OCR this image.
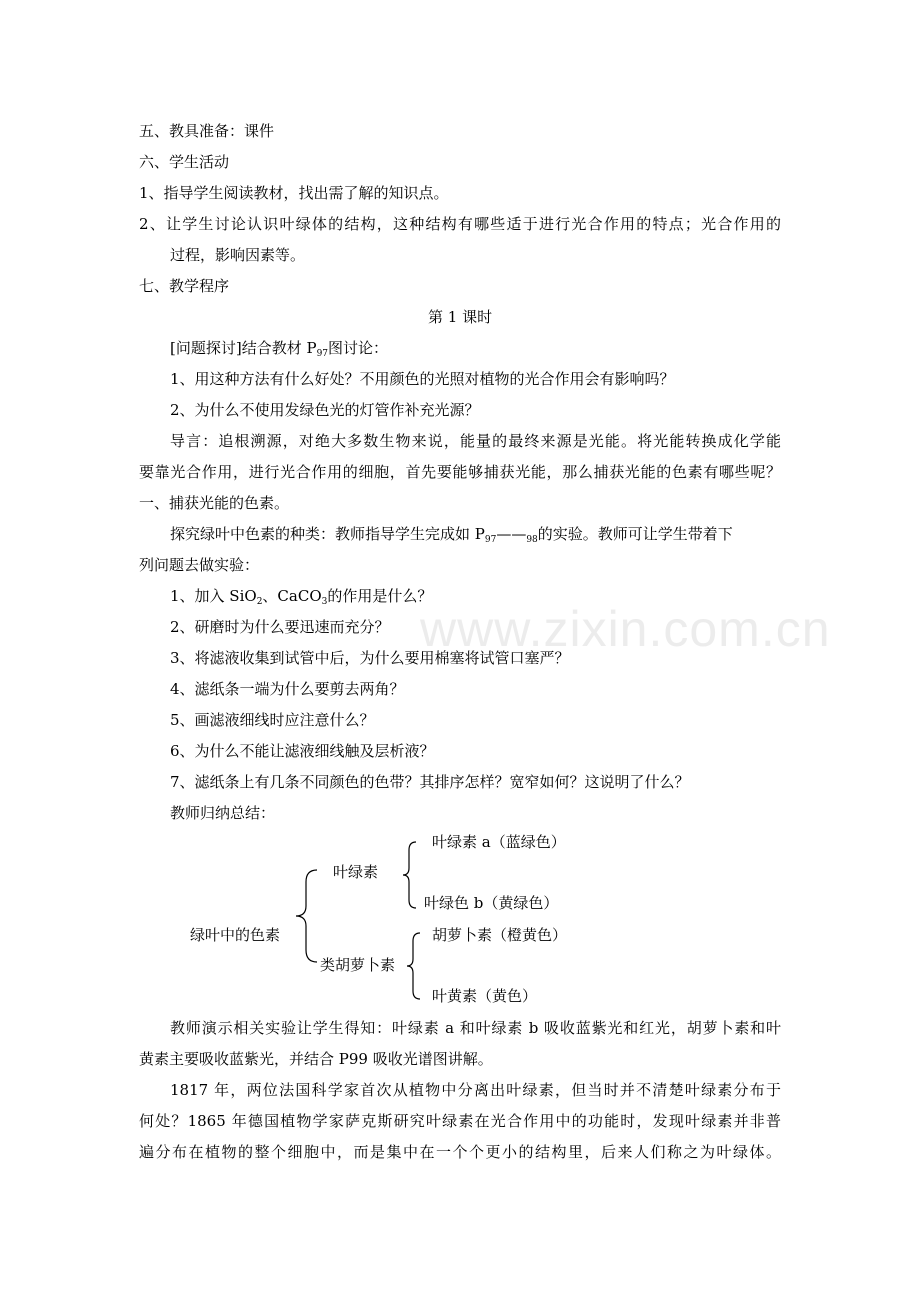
www.zixin.com.cn
五、教具准备：课件
六、学生活动
1、指导学生阅读教材，找出需了解的知识点。
2、让学生讨论认识叶绿体的结构，这种结构有哪些适于进行光合作用的特点；光合作用的
过程，影响因素等。
七、教学程序
第 1 课时
[问题探讨]结合教材 $P_{97}$图讨论：
1、用这种方法有什么好处？不用颜色的光照对植物的光合作用会有影响吗？
2、为什么不使用发绿色光的灯管作补充光源？
导言：追根溯源，对绝大多数生物来说，能量的最终来源是光能。将光能转换成化学能
要靠光合作用，进行光合作用的细胞，首先要能够捕获光能，那么捕获光能的色素有哪些呢？
一、捕获光能的色素。
探究绿叶中色素的种类：教师指导学生完成如 $P_{97}——_{98}$的实验。教师可让学生带着下
列问题去做实验：
1、加入 SiO$_2$、CaCO$_3$的作用是什么？
2、研磨时为什么要迅速而充分？
3、将滤液收集到试管中后，为什么要用棉塞将试管口塞严？
4、滤纸条一端为什么要剪去两角？
5、画滤液细线时应注意什么？
6、为什么不能让滤液细线触及层析液？
7、滤纸条上有几条不同颜色的色带？其排序怎样？宽窄如何？这说明了什么？
教师归纳总结：
绿叶中的色素
叶绿素
类胡萝卜素
叶绿素 a（蓝绿色）
叶绿色 b（黄绿色）
胡萝卜素（橙黄色）
叶黄素（黄色）
教师演示相关实验让学生得知：叶绿素 a 和叶绿素 b 吸收蓝紫光和红光，胡萝卜素和叶
黄素主要吸收蓝紫光，并结合 P99 吸收光谱图讲解。
1817 年，两位法国科学家首次从植物中分离出叶绿素，但当时并不清楚叶绿素分布于
何处？1865 年德国植物学家萨克斯研究叶绿素在光合作用中的功能时，发现叶绿素并非普
遍分布在植物的整个细胞中，而是集中在一个个更小的结构里，后来人们称之为叶绿体。
